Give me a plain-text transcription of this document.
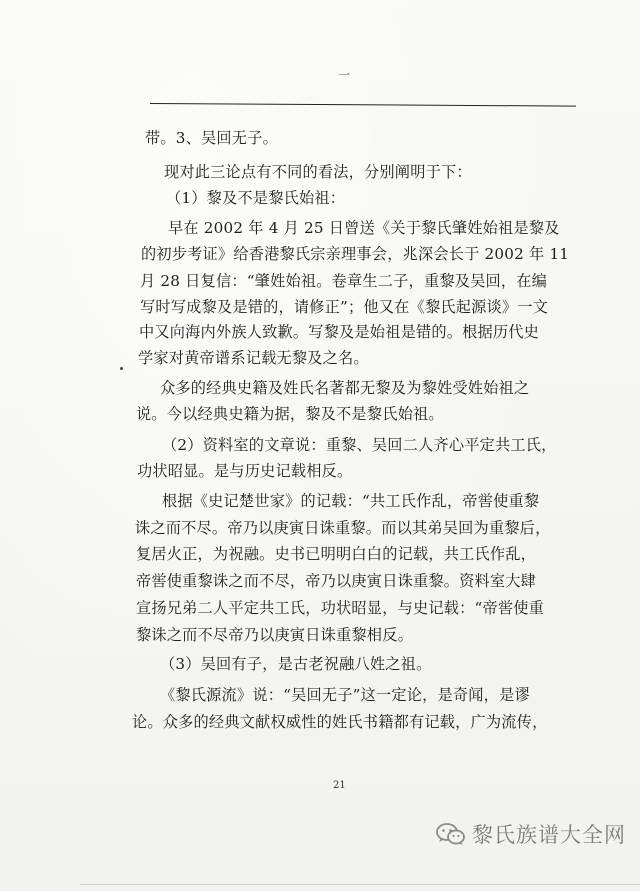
一
带。3、吴回无子。
现对此三论点有不同的看法，分别阐明于下：
（1）黎及不是黎氏始祖：
早在 2002 年 4 月 25 日曾送《关于黎氏肇姓始祖是黎及
的初步考证》给香港黎氏宗亲理事会，兆深会长于 2002 年 11
月 28 日复信：“肇姓始祖。卷章生二子，重黎及吴回，在编
写时写成黎及是错的，请修正”；他又在《黎氏起源谈》一文
中又向海内外族人致歉。写黎及是始祖是错的。根据历代史
学家对黄帝谱系记载无黎及之名。
众多的经典史籍及姓氏名著都无黎及为黎姓受姓始祖之
说。今以经典史籍为据，黎及不是黎氏始祖。
（2）资料室的文章说：重黎、吴回二人齐心平定共工氏，
功状昭显。是与历史记载相反。
根据《史记楚世家》的记载：“共工氏作乱，帝喾使重黎
诛之而不尽。帝乃以庚寅日诛重黎。而以其弟吴回为重黎后，
复居火正，为祝融。史书已明明白白的记载，共工氏作乱，
帝喾使重黎诛之而不尽，帝乃以庚寅日诛重黎。资料室大肆
宣扬兄弟二人平定共工氏，功状昭显，与史记载：“帝喾使重
黎诛之而不尽帝乃以庚寅日诛重黎相反。
（3）吴回有子，是古老祝融八姓之祖。
《黎氏源流》说：“吴回无子”这一定论，是奇闻，是谬
论。众多的经典文献权威性的姓氏书籍都有记载，广为流传，
21
黎氏族谱大全网
